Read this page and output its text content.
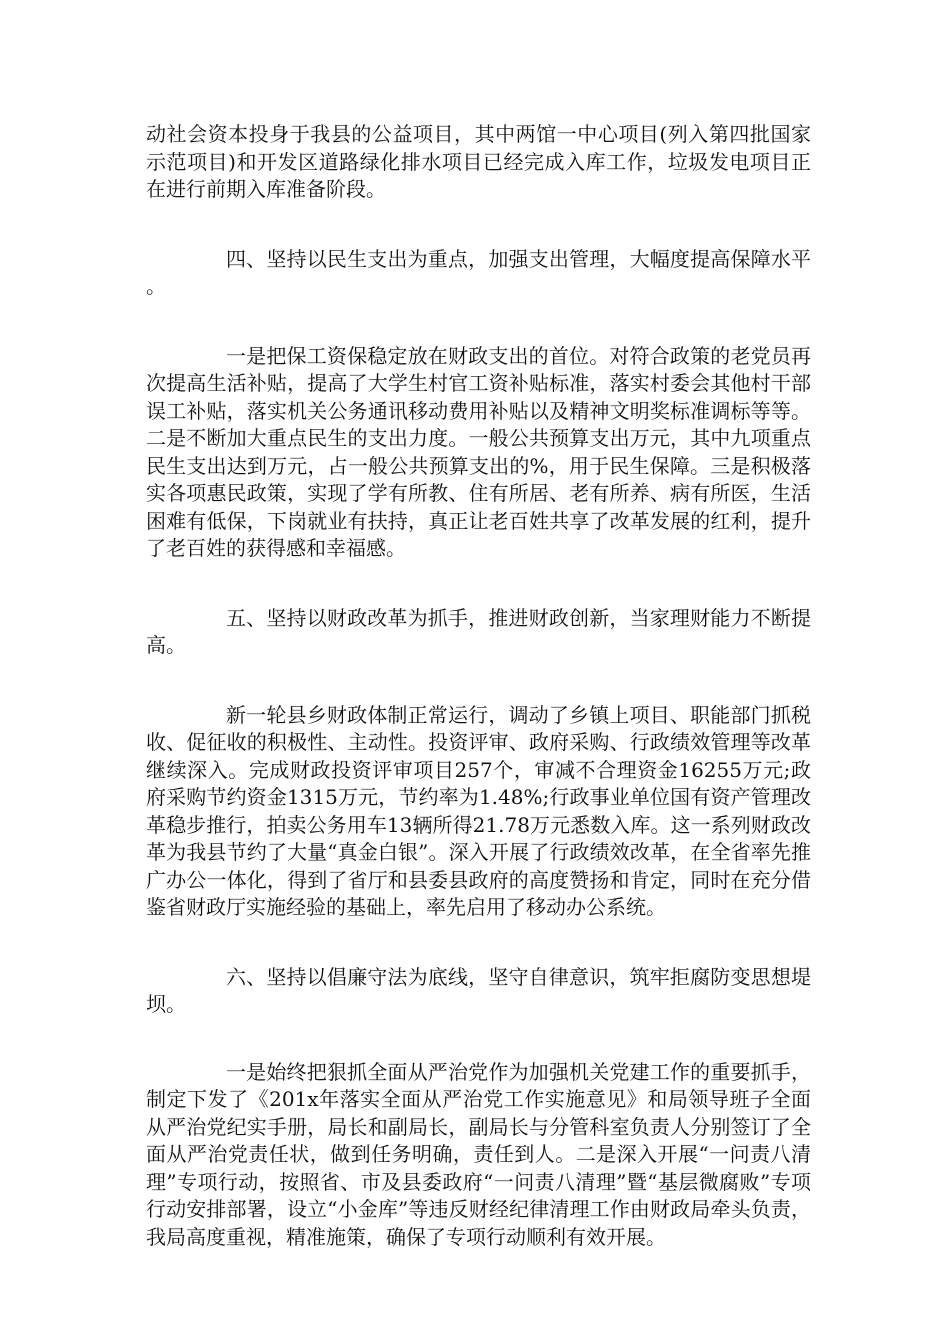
动社会资本投身于我县的公益项目，其中两馆一中心项目(列入第四批国家示范项目)和开发区道路绿化排水项目已经完成入库工作，垃圾发电项目正在进行前期入库准备阶段。

四、坚持以民生支出为重点，加强支出管理，大幅度提高保障水平 。

一是把保工资保稳定放在财政支出的首位。对符合政策的老党员再次提高生活补贴，提高了大学生村官工资补贴标准，落实村委会其他村干部误工补贴，落实机关公务通讯移动费用补贴以及精神文明奖标准调标等等。二是不断加大重点民生的支出力度。一般公共预算支出万元，其中九项重点民生支出达到万元，占一般公共预算支出的%，用于民生保障。三是积极落实各项惠民政策，实现了学有所教、住有所居、老有所养、病有所医，生活困难有低保，下岗就业有扶持，真正让老百姓共享了改革发展的红利，提升了老百姓的获得感和幸福感。

五、坚持以财政改革为抓手，推进财政创新，当家理财能力不断提高。

新一轮县乡财政体制正常运行，调动了乡镇上项目、职能部门抓税收、促征收的积极性、主动性。投资评审、政府采购、行政绩效管理等改革继续深入。完成财政投资评审项目257个，审减不合理资金16255万元;政府采购节约资金1315万元，节约率为1.48%;行政事业单位国有资产管理改革稳步推行，拍卖公务用车13辆所得21.78万元悉数入库。这一系列财政改革为我县节约了大量“真金白银”。深入开展了行政绩效改革，在全省率先推广办公一体化，得到了省厅和县委县政府的高度赞扬和肯定，同时在充分借鉴省财政厅实施经验的基础上，率先启用了移动办公系统。

六、坚持以倡廉守法为底线，坚守自律意识，筑牢拒腐防变思想堤坝。

一是始终把狠抓全面从严治党作为加强机关党建工作的重要抓手，制定下发了《201x年落实全面从严治党工作实施意见》和局领导班子全面从严治党纪实手册，局长和副局长，副局长与分管科室负责人分别签订了全面从严治党责任状，做到任务明确，责任到人。二是深入开展“一问责八清理”专项行动，按照省、市及县委政府“一问责八清理”暨“基层微腐败”专项行动安排部署，设立“小金库”等违反财经纪律清理工作由财政局牵头负责，我局高度重视，精准施策，确保了专项行动顺利有效开展。
